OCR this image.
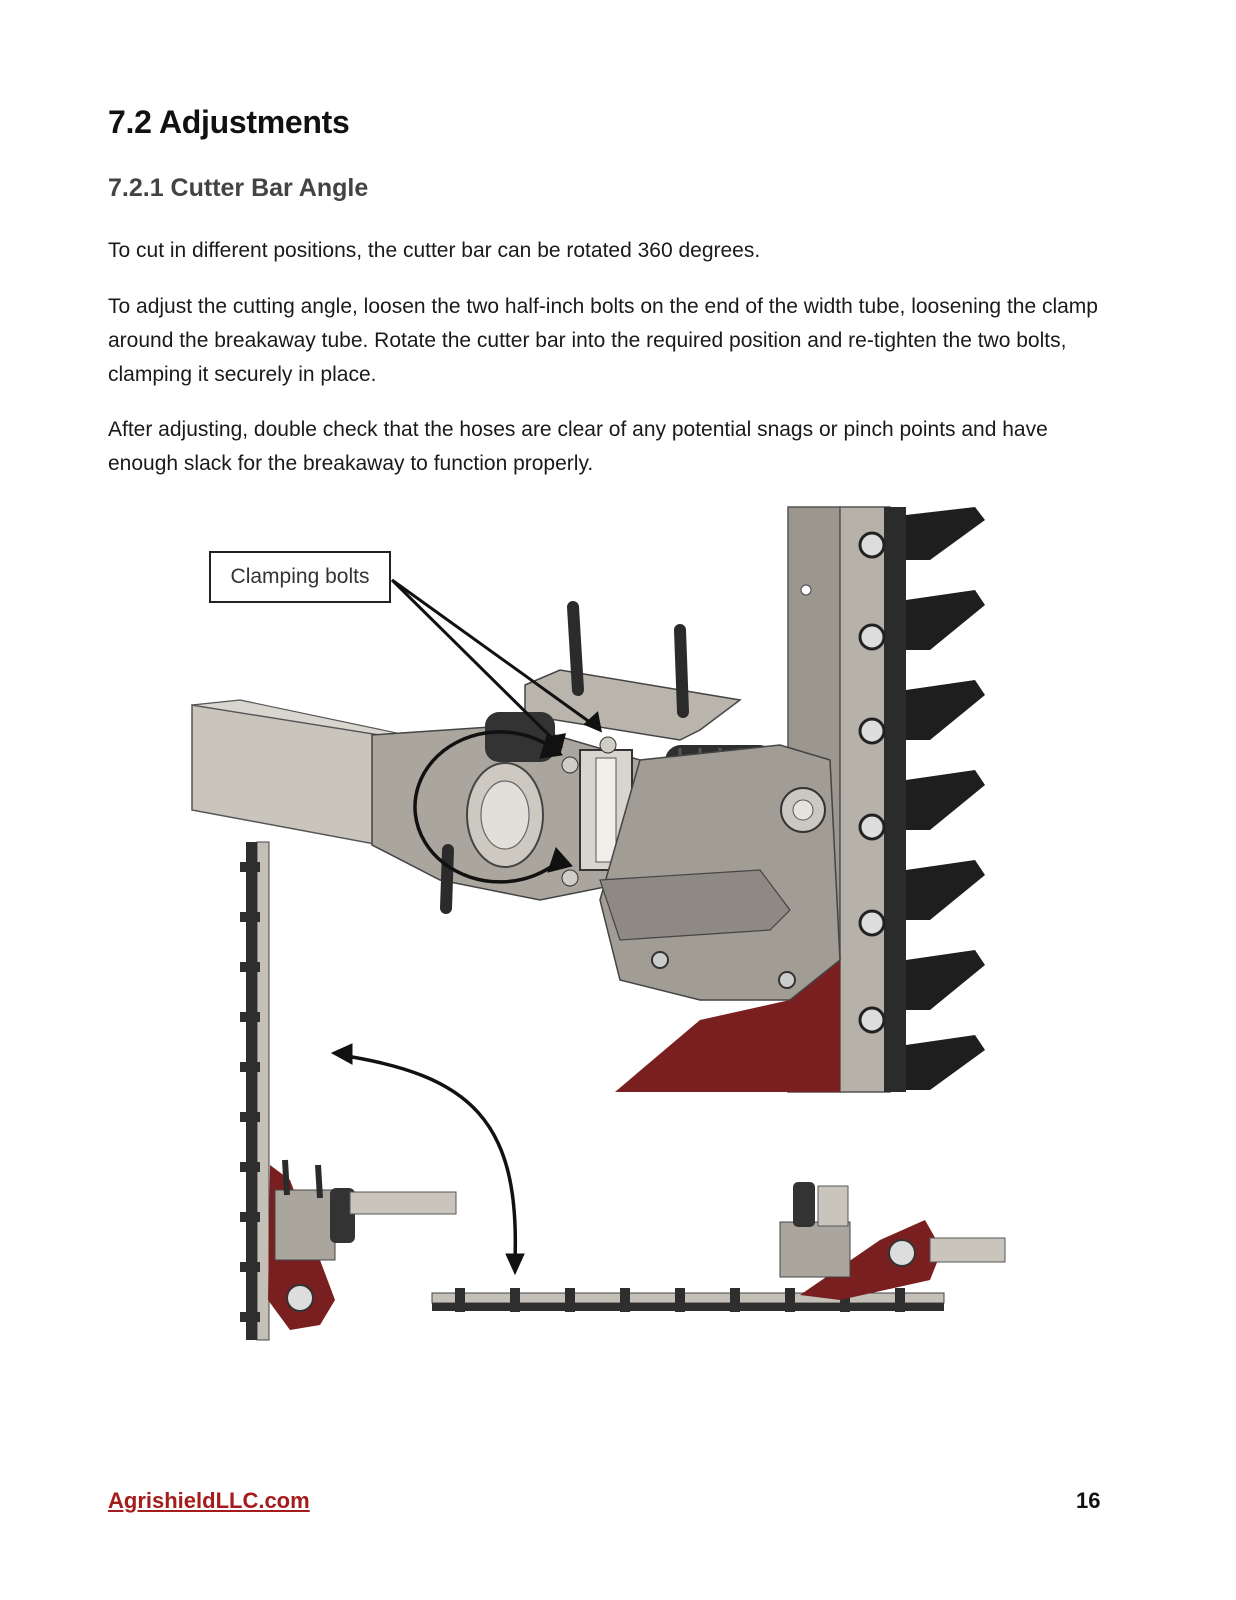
7.2 Adjustments
7.2.1 Cutter Bar Angle

To cut in different positions, the cutter bar can be rotated 360 degrees.

To adjust the cutting angle, loosen the two half-inch bolts on the end of the width tube, loosening the clamp around the breakaway tube. Rotate the cutter bar into the required position and re-tighten the two bolts, clamping it securely in place.

After adjusting, double check that the hoses are clear of any potential snags or pinch points and have enough slack for the breakaway to function properly.

Clamping bolts
AgrishieldLLC.com	16
